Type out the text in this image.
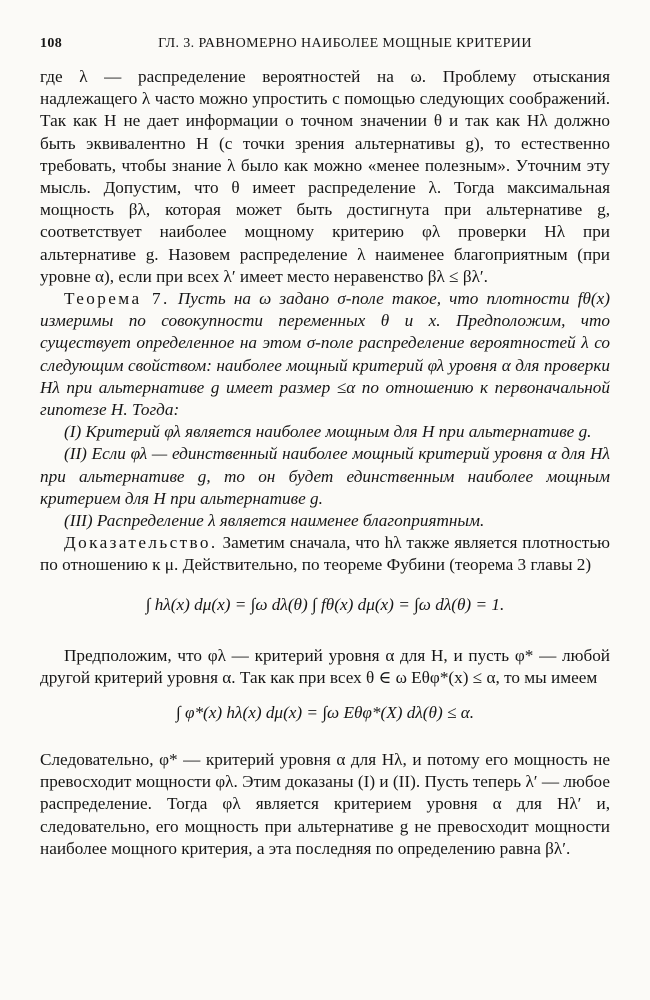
108	ГЛ. 3. РАВНОМЕРНО НАИБОЛЕЕ МОЩНЫЕ КРИТЕРИИ

где λ — распределение вероятностей на ω. Проблему отыскания надлежащего λ часто можно упростить с помощью следующих соображений. Так как H не дает информации о точном значении θ и так как Hλ должно быть эквивалентно H (с точки зрения альтернативы g), то естественно требовать, чтобы знание λ было как можно «менее полезным». Уточним эту мысль. Допустим, что θ имеет распределение λ. Тогда максимальная мощность βλ, которая может быть достигнута при альтернативе g, соответствует наиболее мощному критерию φλ проверки Hλ при альтернативе g. Назовем распределение λ наименее благоприятным (при уровне α), если при всех λ′ имеет место неравенство βλ ≤ βλ′.

Теорема 7. Пусть на ω задано σ-поле такое, что плотности fθ(x) измеримы по совокупности переменных θ и x. Предположим, что существует определенное на этом σ-поле распределение вероятностей λ со следующим свойством: наиболее мощный критерий φλ уровня α для проверки Hλ при альтернативе g имеет размер ≤α по отношению к первоначальной гипотезе H. Тогда:

(I) Критерий φλ является наиболее мощным для H при альтернативе g.

(II) Если φλ — единственный наиболее мощный критерий уровня α для Hλ при альтернативе g, то он будет единственным наиболее мощным критерием для H при альтернативе g.

(III) Распределение λ является наименее благоприятным.

Доказательство. Заметим сначала, что hλ также является плотностью по отношению к μ. Действительно, по теореме Фубини (теорема 3 главы 2)

∫ hλ(x) dμ(x) = ∫ω dλ(θ) ∫ fθ(x) dμ(x) = ∫ω dλ(θ) = 1.

Предположим, что φλ — критерий уровня α для H, и пусть φ* — любой другой критерий уровня α. Так как при всех θ ∈ ω Eθφ*(x) ≤ α, то мы имеем

∫ φ*(x) hλ(x) dμ(x) = ∫ω Eθφ*(X) dλ(θ) ≤ α.

Следовательно, φ* — критерий уровня α для Hλ, и потому его мощность не превосходит мощности φλ. Этим доказаны (I) и (II). Пусть теперь λ′ — любое распределение. Тогда φλ является критерием уровня α для Hλ′ и, следовательно, его мощность при альтернативе g не превосходит мощности наиболее мощного критерия, а эта последняя по определению равна βλ′.
